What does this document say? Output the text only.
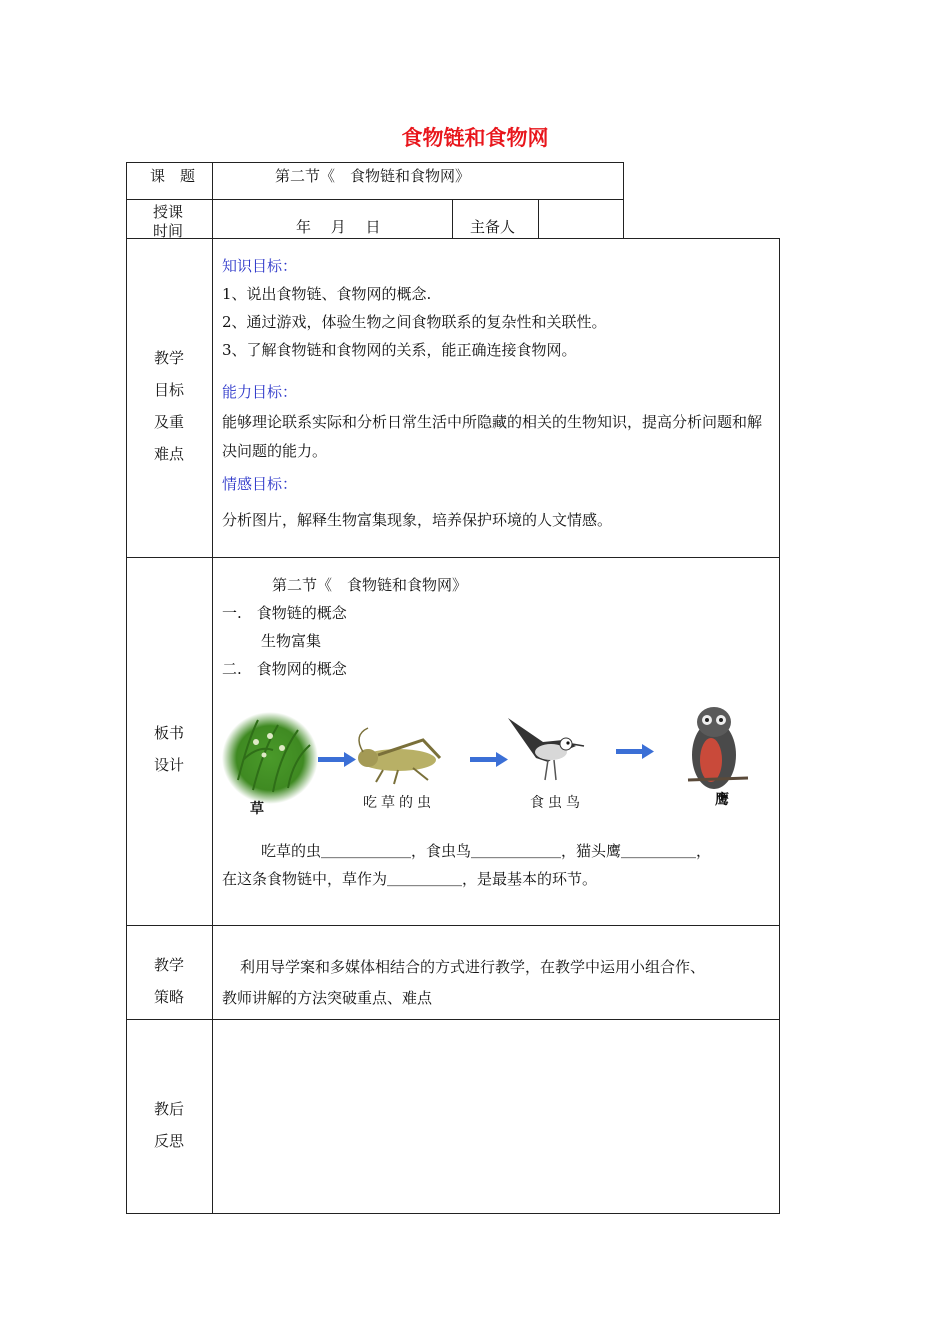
食物链和食物网
课　题	第二节《　食物链和食物网》
授课
时间	年　 月　 日	主备人
教学
目标
及重
难点
知识目标：
1、说出食物链、食物网的概念.
2、通过游戏，体验生物之间食物联系的复杂性和关联性。
3、了解食物链和食物网的关系，能正确连接食物网。
能力目标：
能够理论联系实际和分析日常生活中所隐藏的相关的生物知识，提高分析问题和解决问题的能力。
情感目标：
分析图片，解释生物富集现象，培养保护环境的人文情感。
板书
设计
第二节《　食物链和食物网》
一.　食物链的概念
生物富集
二.　食物网的概念
草	吃草的虫	食虫鸟	鹰
吃草的虫＿＿＿＿＿＿，食虫鸟＿＿＿＿＿＿，猫头鹰＿＿＿＿＿，
在这条食物链中，草作为＿＿＿＿＿，是最基本的环节。
教学
策略
利用导学案和多媒体相结合的方式进行教学，在教学中运用小组合作、
教师讲解的方法突破重点、难点
教后
反思
